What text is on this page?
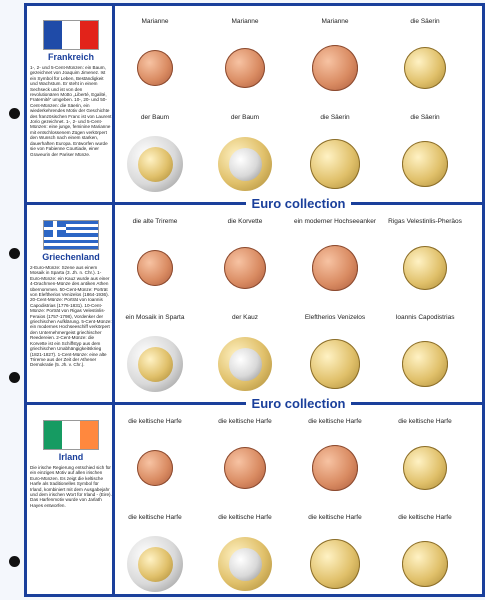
Euro collection
Euro collection
Frankreich
1-, 2- und 5-Cent-Münzen: ein Baum, gezeichnet von Joaquim Jimenez. Ist ein Symbol für Leben, Beständigkeit und Wachstum. Er steht in einem Sechseck und ist von den revolutionären Motto „Liberté, Egalité, Fraternité“ umgeben. 10-, 20- und 50-Cent-Münzen: die Säerin, ein wiederkehrendes Motiv der Geschichte des französischen Franc ist von Laurent Jorio gezeichnet. 1-, 2- und 5-Cent-Münzen: eine junge, feminine Marianne mit entschlossenem Zügen verkörpert den Wunsch nach einem starken, dauerhaften Europa. Entworfen wurde sie von Fabienne Courtiade, einer Graveurin der Pariser Münze.
Marianne	Marianne	Marianne	die Säerin
der Baum	der Baum	die Säerin	die Säerin
Griechenland
2-Euro-Münze: Szene aus einem Mosaik in Sparta (3. Jh. n. Chr.). 1-Euro-Münze: ein Kauz wurde aus einer 4-Drachmen-Münze des antiken Athen übernommen. 50-Cent-Münze: Porträt von Eleftherios Venizelos (1864-1936). 20-Cent-Münze: Porträt von Ioannis Capodistrias (1776-1831). 10-Cent-Münze: Porträt von Rigas Velestinlis-Feraios (1757-1798), Vordenker der griechischen Aufklärung. 5-Cent-Münze: ein modernes Hochseeschiff verkörpert den Unternehmergeist griechischer Reedereien. 2-Cent-Münze: die Korvette ist ein Schiffstyp aus dem griechischen Unabhängigkeitskrieg (1821-1827). 1-Cent-Münze: eine alte Trireme aus der Zeit der Athener Demokratie (5. Jh. v. Chr.).
die alte Trireme	die Korvette	ein moderner Hochseeanker	Rigas Velestinlis-Pheräos
ein Mosaik in Sparta	der Kauz	Eleftherios Venizelos	Ioannis Capodistrias
Irland
Die irische Regierung entschied sich für ein einziges Motiv auf allen irischen Euro-Münzen. Es zeigt die keltische Harfe als traditionelles Symbol für Irland, kombiniert mit dem Ausgabejahr und dem irischen Wort für Irland - (Eire). Das Harfenmotiv wurde von Jarlath Hayes entworfen.
die keltische Harfe	die keltische Harfe	die keltische Harfe	die keltische Harfe
die keltische Harfe	die keltische Harfe	die keltische Harfe	die keltische Harfe
